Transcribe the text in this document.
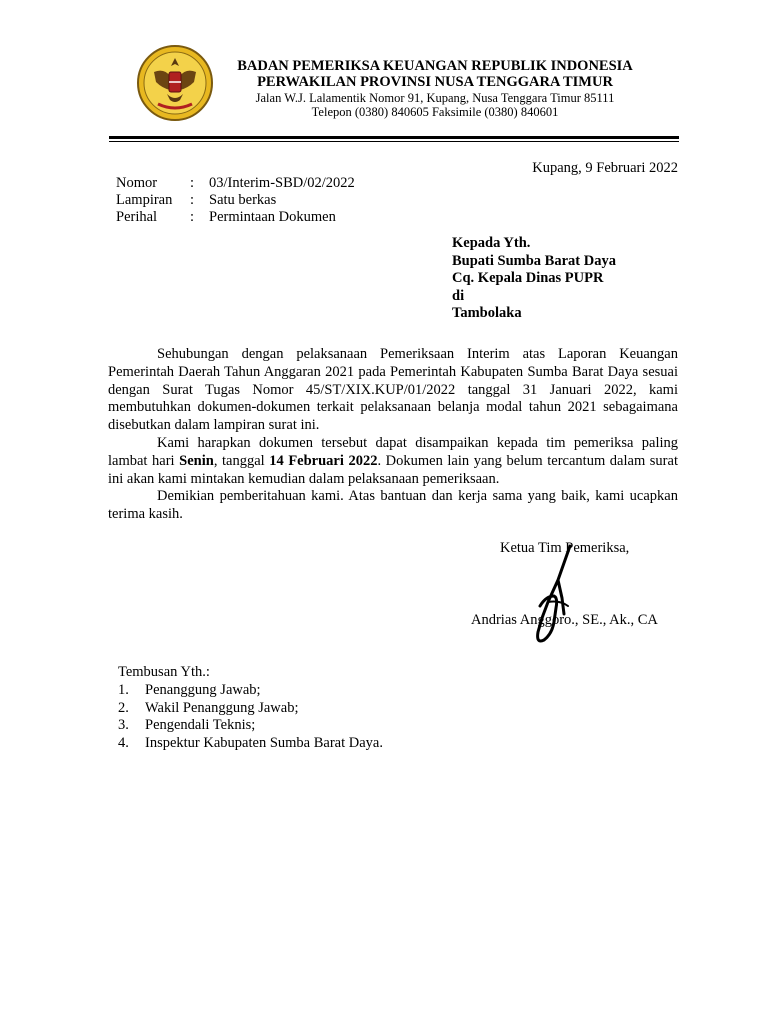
BADAN PEMERIKSA KEUANGAN REPUBLIK INDONESIA
PERWAKILAN PROVINSI NUSA TENGGARA TIMUR
Jalan W.J. Lalamentik Nomor 91, Kupang, Nusa Tenggara Timur 85111
Telepon (0380) 840605 Faksimile (0380) 840601
Kupang, 9 Februari 2022
Nomor	:	03/Interim-SBD/02/2022
Lampiran	:	Satu berkas
Perihal	:	Permintaan Dokumen
Kepada Yth.
Bupati Sumba Barat Daya
Cq. Kepala Dinas PUPR
di
Tambolaka

Sehubungan dengan pelaksanaan Pemeriksaan Interim atas Laporan Keuangan Pemerintah Daerah Tahun Anggaran 2021 pada Pemerintah Kabupaten Sumba Barat Daya sesuai dengan Surat Tugas Nomor 45/ST/XIX.KUP/01/2022 tanggal 31 Januari 2022, kami membutuhkan dokumen-dokumen terkait pelaksanaan belanja modal tahun 2021 sebagaimana disebutkan dalam lampiran surat ini.

Kami harapkan dokumen tersebut dapat disampaikan kepada tim pemeriksa paling lambat hari Senin, tanggal 14 Februari 2022. Dokumen lain yang belum tercantum dalam surat ini akan kami mintakan kemudian dalam pelaksanaan pemeriksaan.

Demikian pemberitahuan kami. Atas bantuan dan kerja sama yang baik, kami ucapkan terima kasih.

Ketua Tim Pemeriksa,
Andrias Anggoro., SE., Ak., CA
Tembusan Yth.:
1.	Penanggung Jawab;
2.	Wakil Penanggung Jawab;
3.	Pengendali Teknis;
4.	Inspektur Kabupaten Sumba Barat Daya.
